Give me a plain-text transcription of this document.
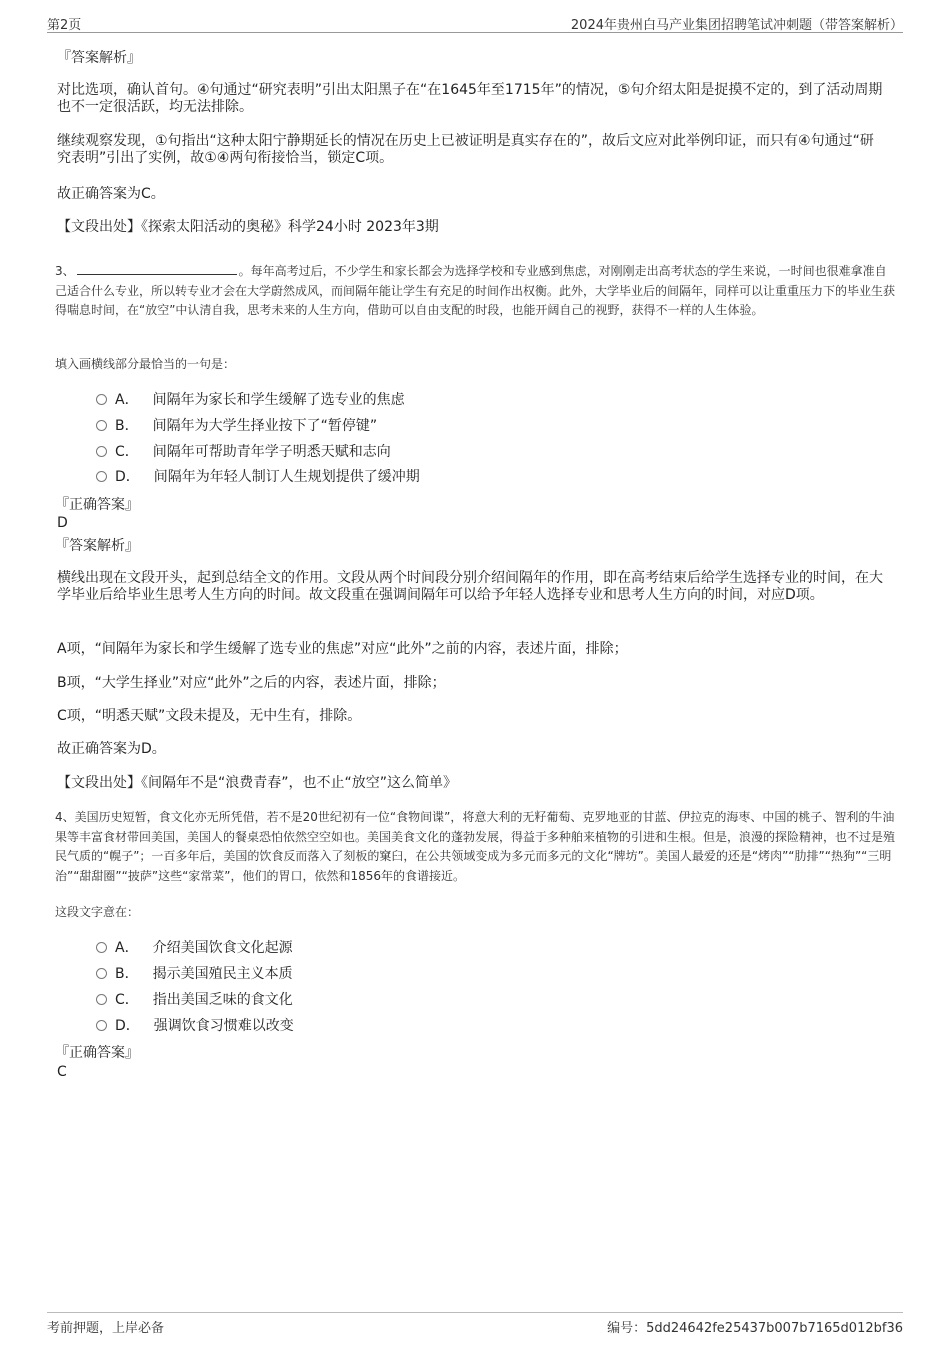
第2页	2024年贵州白马产业集团招聘笔试冲刺题（带答案解析）
『答案解析』
对比选项，确认首句。④句通过“研究表明”引出太阳黑子在“在1645年至1715年”的情况，⑤句介绍太阳是捉摸不定的，到了活动周期也不一定很活跃，均无法排除。
继续观察发现，①句指出“这种太阳宁静期延长的情况在历史上已被证明是真实存在的”，故后文应对此举例印证，而只有④句通过“研究表明”引出了实例，故①④两句衔接恰当，锁定C项。
故正确答案为C。
【文段出处】《探索太阳活动的奥秘》科学24小时 2023年3期
3、	。每年高考过后，不少学生和家长都会为选择学校和专业感到焦虑，对刚刚走出高考状态的学生来说，一时间也很难拿准自己适合什么专业，所以转专业才会在大学蔚然成风，而间隔年能让学生有充足的时间作出权衡。此外，大学毕业后的间隔年，同样可以让重重压力下的毕业生获得喘息时间，在“放空”中认清自我，思考未来的人生方向，借助可以自由支配的时段，也能开阔自己的视野，获得不一样的人生体验。
填入画横线部分最恰当的一句是：
A． 间隔年为家长和学生缓解了选专业的焦虑
B． 间隔年为大学生择业按下了“暂停键”
C． 间隔年可帮助青年学子明悉天赋和志向
D． 间隔年为年轻人制订人生规划提供了缓冲期
『正确答案』
D
『答案解析』
横线出现在文段开头，起到总结全文的作用。文段从两个时间段分别介绍间隔年的作用，即在高考结束后给学生选择专业的时间，在大学毕业后给毕业生思考人生方向的时间。故文段重在强调间隔年可以给予年轻人选择专业和思考人生方向的时间，对应D项。
A项，“间隔年为家长和学生缓解了选专业的焦虑”对应“此外”之前的内容，表述片面，排除；
B项，“大学生择业”对应“此外”之后的内容，表述片面，排除；
C项，“明悉天赋”文段未提及，无中生有，排除。
故正确答案为D。
【文段出处】《间隔年不是“浪费青春”，也不止“放空”这么简单》
4、美国历史短暂，食文化亦无所凭借，若不是20世纪初有一位“食物间谍”，将意大利的无籽葡萄、克罗地亚的甘蓝、伊拉克的海枣、中国的桃子、智利的牛油果等丰富食材带回美国，美国人的餐桌恐怕依然空空如也。美国美食文化的蓬勃发展，得益于多种舶来植物的引进和生根。但是，浪漫的探险精神，也不过是殖民气质的“幌子”；一百多年后，美国的饮食反而落入了刻板的窠臼，在公共领域变成为多元而多元的文化“牌坊”。美国人最爱的还是“烤肉”“肋排”“热狗”“三明治”“甜甜圈”“披萨”这些“家常菜”，他们的胃口，依然和1856年的食谱接近。
这段文字意在：
A． 介绍美国饮食文化起源
B． 揭示美国殖民主义本质
C． 指出美国乏味的食文化
D． 强调饮食习惯难以改变
『正确答案』
C
考前押题，上岸必备	编号：5dd24642fe25437b007b7165d012bf36
